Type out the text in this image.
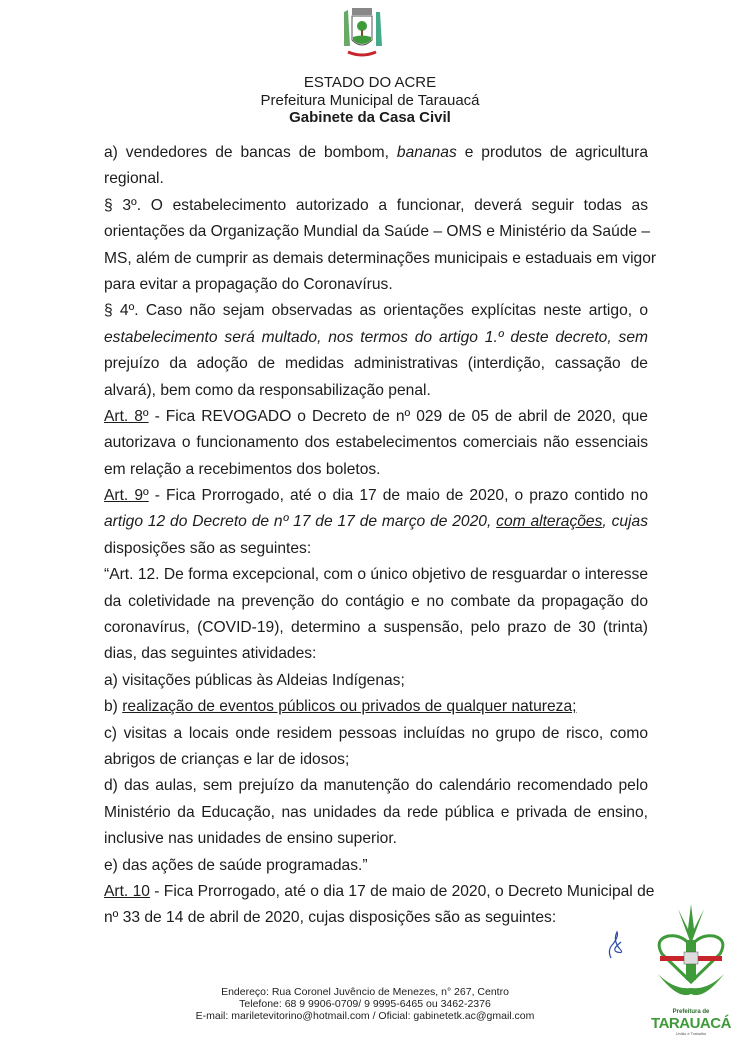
ESTADO DO ACRE
Prefeitura Municipal de Tarauacá
Gabinete da Casa Civil
a) vendedores de bancas de bombom, bananas e produtos de agricultura
regional.
§ 3º. O estabelecimento autorizado a funcionar, deverá seguir todas as
orientações da Organização Mundial da Saúde – OMS e Ministério da Saúde –
MS, além de cumprir as demais determinações municipais e estaduais em vigor
para evitar a propagação do Coronavírus.
§ 4º. Caso não sejam observadas as orientações explícitas neste artigo, o
estabelecimento será multado, nos termos do artigo 1.º deste decreto, sem
prejuízo da adoção de medidas administrativas (interdição, cassação de
alvará), bem como da responsabilização penal.
Art. 8º - Fica REVOGADO o Decreto de nº 029 de 05 de abril de 2020, que
autorizava o funcionamento dos estabelecimentos comerciais não essenciais
em relação a recebimentos dos boletos.
Art. 9º - Fica Prorrogado, até o dia 17 de maio de 2020, o prazo contido no
artigo 12 do Decreto de nº 17 de 17 de março de 2020, com alterações, cujas
disposições são as seguintes:
“Art. 12. De forma excepcional, com o único objetivo de resguardar o interesse
da coletividade na prevenção do contágio e no combate da propagação do
coronavírus, (COVID-19), determino a suspensão, pelo prazo de 30 (trinta)
dias, das seguintes atividades:
a) visitações públicas às Aldeias Indígenas;
b) realização de eventos públicos ou privados de qualquer natureza;
c) visitas a locais onde residem pessoas incluídas no grupo de risco, como
abrigos de crianças e lar de idosos;
d) das aulas, sem prejuízo da manutenção do calendário recomendado pelo
Ministério da Educação, nas unidades da rede pública e privada de ensino,
inclusive nas unidades de ensino superior.
e) das ações de saúde programadas.”
Art. 10 - Fica Prorrogado, até o dia 17 de maio de 2020, o Decreto Municipal de
nº 33 de 14 de abril de 2020, cujas disposições são as seguintes:
Endereço: Rua Coronel Juvêncio de Menezes, n° 267, Centro
Telefone: 68 9 9906-0709/ 9 9995-6465 ou 3462-2376
E-mail: mariletevitorino@hotmail.com / Oficial: gabinetetk.ac@gmail.com	Prefeitura de
TARAUACÁ
União e Trabalho
